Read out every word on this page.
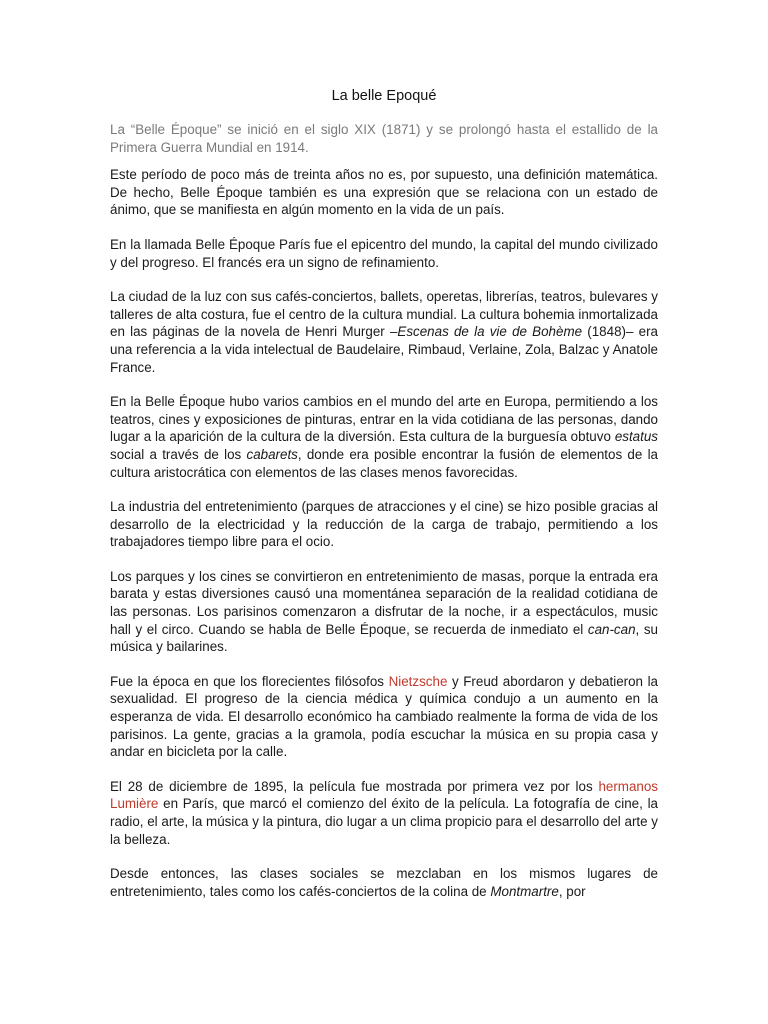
La belle Epoqué

La “Belle Époque” se inició en el siglo XIX (1871) y se prolongó hasta el estallido de la Primera Guerra Mundial en 1914.

Este período de poco más de treinta años no es, por supuesto, una definición matemática. De hecho, Belle Époque también es una expresión que se relaciona con un estado de ánimo, que se manifiesta en algún momento en la vida de un país.

En la llamada Belle Époque París fue el epicentro del mundo, la capital del mundo civilizado y del progreso. El francés era un signo de refinamiento.

La ciudad de la luz con sus cafés-conciertos, ballets, operetas, librerías, teatros, bulevares y talleres de alta costura, fue el centro de la cultura mundial. La cultura bohemia inmortalizada en las páginas de la novela de Henri Murger –Escenas de la vie de Bohème (1848)– era una referencia a la vida intelectual de Baudelaire, Rimbaud, Verlaine, Zola, Balzac y Anatole France.

En la Belle Époque hubo varios cambios en el mundo del arte en Europa, permitiendo a los teatros, cines y exposiciones de pinturas, entrar en la vida cotidiana de las personas, dando lugar a la aparición de la cultura de la diversión. Esta cultura de la burguesía obtuvo estatus social a través de los cabarets, donde era posible encontrar la fusión de elementos de la cultura aristocrática con elementos de las clases menos favorecidas.

La industria del entretenimiento (parques de atracciones y el cine) se hizo posible gracias al desarrollo de la electricidad y la reducción de la carga de trabajo, permitiendo a los trabajadores tiempo libre para el ocio.

Los parques y los cines se convirtieron en entretenimiento de masas, porque la entrada era barata y estas diversiones causó una momentánea separación de la realidad cotidiana de las personas. Los parisinos comenzaron a disfrutar de la noche, ir a espectáculos, music hall y el circo. Cuando se habla de Belle Époque, se recuerda de inmediato el can-can, su música y bailarines.

Fue la época en que los florecientes filósofos Nietzsche y Freud abordaron y debatieron la sexualidad. El progreso de la ciencia médica y química condujo a un aumento en la esperanza de vida. El desarrollo económico ha cambiado realmente la forma de vida de los parisinos. La gente, gracias a la gramola, podía escuchar la música en su propia casa y andar en bicicleta por la calle.

El 28 de diciembre de 1895, la película fue mostrada por primera vez por los hermanos Lumière en París, que marcó el comienzo del éxito de la película. La fotografía de cine, la radio, el arte, la música y la pintura, dio lugar a un clima propicio para el desarrollo del arte y la belleza.

Desde entonces, las clases sociales se mezclaban en los mismos lugares de entretenimiento, tales como los cafés-conciertos de la colina de Montmartre, por
